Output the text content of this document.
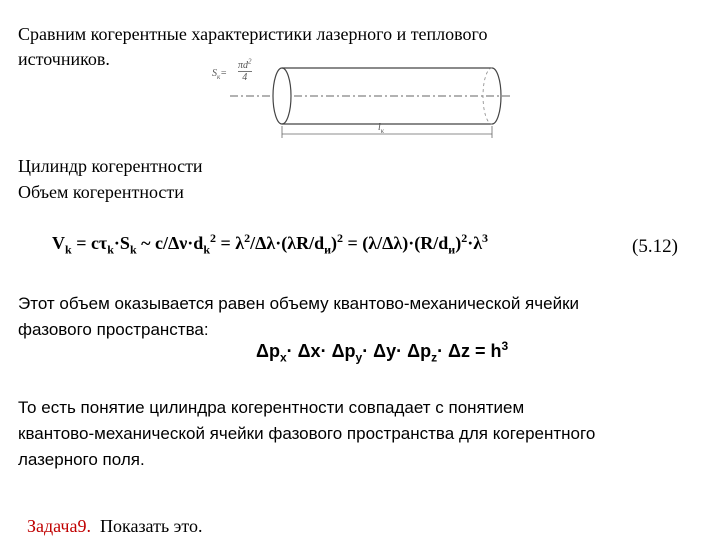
Сравним когерентные характеристики лазерного и теплового
источников.
$S_к=$
$\pi d^2$
4
$l_к$
Цилиндр когерентности
Объем когерентности
$V_k = c\tau_k\cdot S_k$ ~ $c/\Delta\nu\cdot d_k^2 = \lambda^2/\Delta\lambda\cdot(\lambda R/d_и)^2 = (\lambda/\Delta\lambda)\cdot(R/d_и)^2\cdot\lambda^3$	(5.12)
Этот объем оказывается равен объему квантово-механической ячейки
фазового пространства:
$\Delta p_x\cdot \Delta x\cdot \Delta p_y\cdot \Delta y\cdot \Delta p_z\cdot \Delta z = h^3$
То есть понятие цилиндра когерентности совпадает с понятием
квантово-механической ячейки фазового пространства для когерентного
лазерного поля.

Задача9.  Показать это.
